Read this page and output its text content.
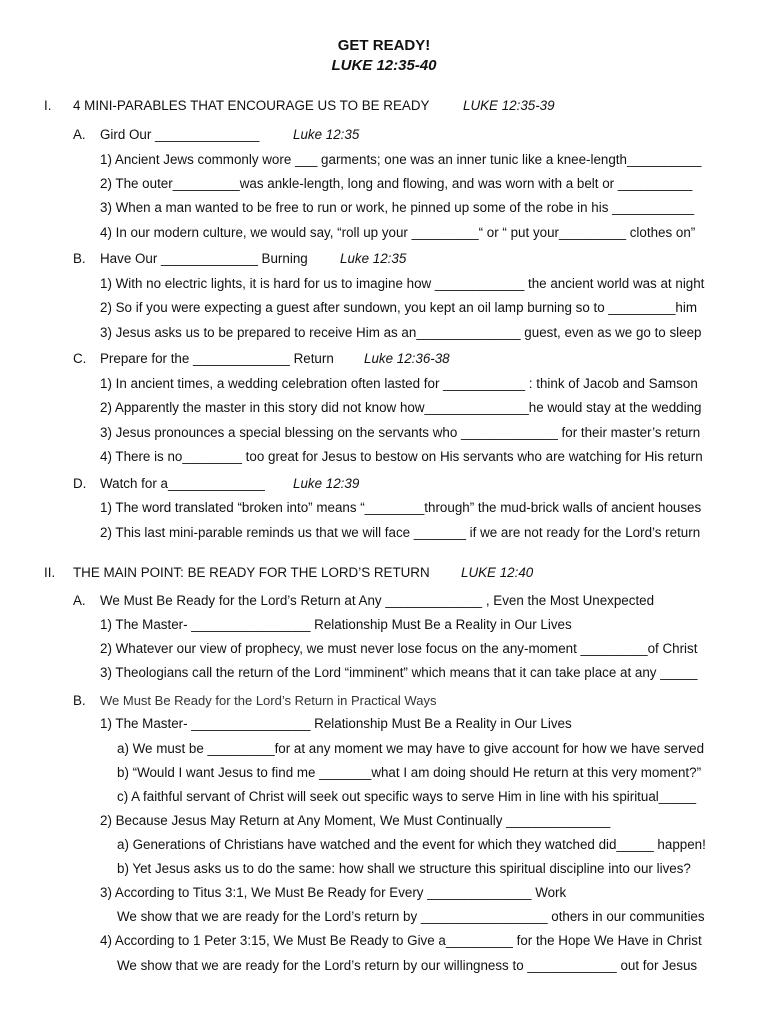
GET READY!
LUKE 12:35-40
I. 4 MINI-PARABLES THAT ENCOURAGE US TO BE READY	LUKE 12:35-39
A. Gird Our ______________	Luke 12:35
1) Ancient Jews commonly wore ___ garments; one was an inner tunic like a knee-length__________
2) The outer_________was ankle-length, long and flowing, and was worn with a belt or __________
3) When a man wanted to be free to run or work, he pinned up some of the robe in his ___________
4) In our modern culture, we would say, “roll up your _________“ or “ put your_________ clothes on”
B. Have Our _____________ Burning Luke 12:35
1) With no electric lights, it is hard for us to imagine how ____________ the ancient world was at night
2) So if you were expecting a guest after sundown, you kept an oil lamp burning so to _________him
3) Jesus asks us to be prepared to receive Him as an______________ guest, even as we go to sleep
C. Prepare for the _____________ Return Luke 12:36-38
1) In ancient times, a wedding celebration often lasted for ___________ : think of Jacob and Samson
2) Apparently the master in this story did not know how______________he would stay at the wedding
3) Jesus pronounces a special blessing on the servants who _____________ for their master’s return
4) There is no________ too great for Jesus to bestow on His servants who are watching for His return
D. Watch for a_____________ Luke 12:39
1) The word translated “broken into” means “________through” the mud-brick walls of ancient houses
2) This last mini-parable reminds us that we will face _______ if we are not ready for the Lord’s return
II. THE MAIN POINT: BE READY FOR THE LORD’S RETURN LUKE 12:40
A. We Must Be Ready for the Lord’s Return at Any _____________ , Even the Most Unexpected
1) The Master- ________________ Relationship Must Be a Reality in Our Lives
2) Whatever our view of prophecy, we must never lose focus on the any-moment _________of Christ
3) Theologians call the return of the Lord “imminent” which means that it can take place at any _____
B. We Must Be Ready for the Lord’s Return in Practical Ways
1) The Master- ________________ Relationship Must Be a Reality in Our Lives
a) We must be _________for at any moment we may have to give account for how we have served
b) “Would I want Jesus to find me _______what I am doing should He return at this very moment?”
c) A faithful servant of Christ will seek out specific ways to serve Him in line with his spiritual_____
2) Because Jesus May Return at Any Moment, We Must Continually ______________
a) Generations of Christians have watched and the event for which they watched did_____ happen!
b) Yet Jesus asks us to do the same: how shall we structure this spiritual discipline into our lives?
3) According to Titus 3:1, We Must Be Ready for Every ______________ Work
We show that we are ready for the Lord’s return by _________________ others in our communities
4) According to 1 Peter 3:15, We Must Be Ready to Give a_________ for the Hope We Have in Christ
We show that we are ready for the Lord’s return by our willingness to ____________ out for Jesus
